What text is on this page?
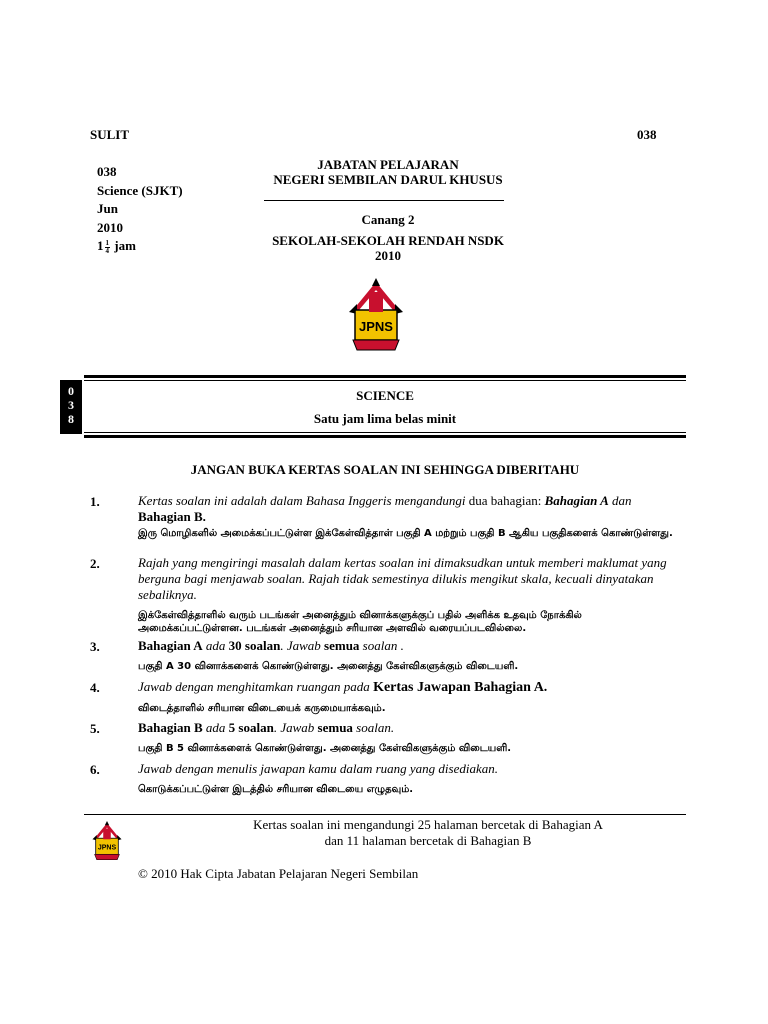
SULIT	038
038
Science (SJKT)
Jun
2010
$1 \frac{1}{4}$ jam
JABATAN PELAJARAN
NEGERI SEMBILAN DARUL KHUSUS
Canang 2
SEKOLAH-SEKOLAH RENDAH NSDK
2010
JPNS
0
3
8
SCIENCE
Satu jam lima belas minit
JANGAN BUKA KERTAS SOALAN INI SEHINGGA DIBERITAHU
1.	Kertas soalan ini adalah dalam Bahasa Inggeris mengandungi dua bahagian: Bahagian A dan Bahagian B.
இரு மொழிகளில் அமைக்கப்பட்டுள்ள இக்கேள்வித்தாள் பகுதி A மற்றும் பகுதி B ஆகிய பகுதிகளைக் கொண்டுள்ளது.
2.	Rajah yang mengiringi masalah dalam kertas soalan ini dimaksudkan untuk memberi maklumat yang berguna bagi menjawab soalan. Rajah tidak semestinya dilukis mengikut skala, kecuali dinyatakan sebaliknya.
இக்கேள்வித்தாளில் வரும் படங்கள் அனைத்தும் வினாக்களுக்குப் பதில் அளிக்க உதவும் நோக்கில் அமைக்கப்பட்டுள்ளன. படங்கள் அனைத்தும் சரியான அளவில் வரையப்படவில்லை.
3.	Bahagian A ada 30 soalan. Jawab semua soalan .
பகுதி A 30 வினாக்களைக் கொண்டுள்ளது. அனைத்து கேள்விகளுக்கும் விடையளி.
4.	Jawab dengan menghitamkan ruangan pada Kertas Jawapan Bahagian A.
விடைத்தாளில் சரியான விடையைக் கருமையாக்கவும்.
5.	Bahagian B ada 5 soalan. Jawab semua soalan.
பகுதி B 5 வினாக்களைக் கொண்டுள்ளது. அனைத்து கேள்விகளுக்கும் விடையளி.
6.	Jawab dengan menulis jawapan kamu dalam ruang yang disediakan.
கொடுக்கப்பட்டுள்ள இடத்தில் சரியான விடையை எழுதவும்.
JPNS
Kertas soalan ini mengandungi 25 halaman bercetak di Bahagian A
dan 11 halaman bercetak di Bahagian B
© 2010 Hak Cipta Jabatan Pelajaran Negeri Sembilan
